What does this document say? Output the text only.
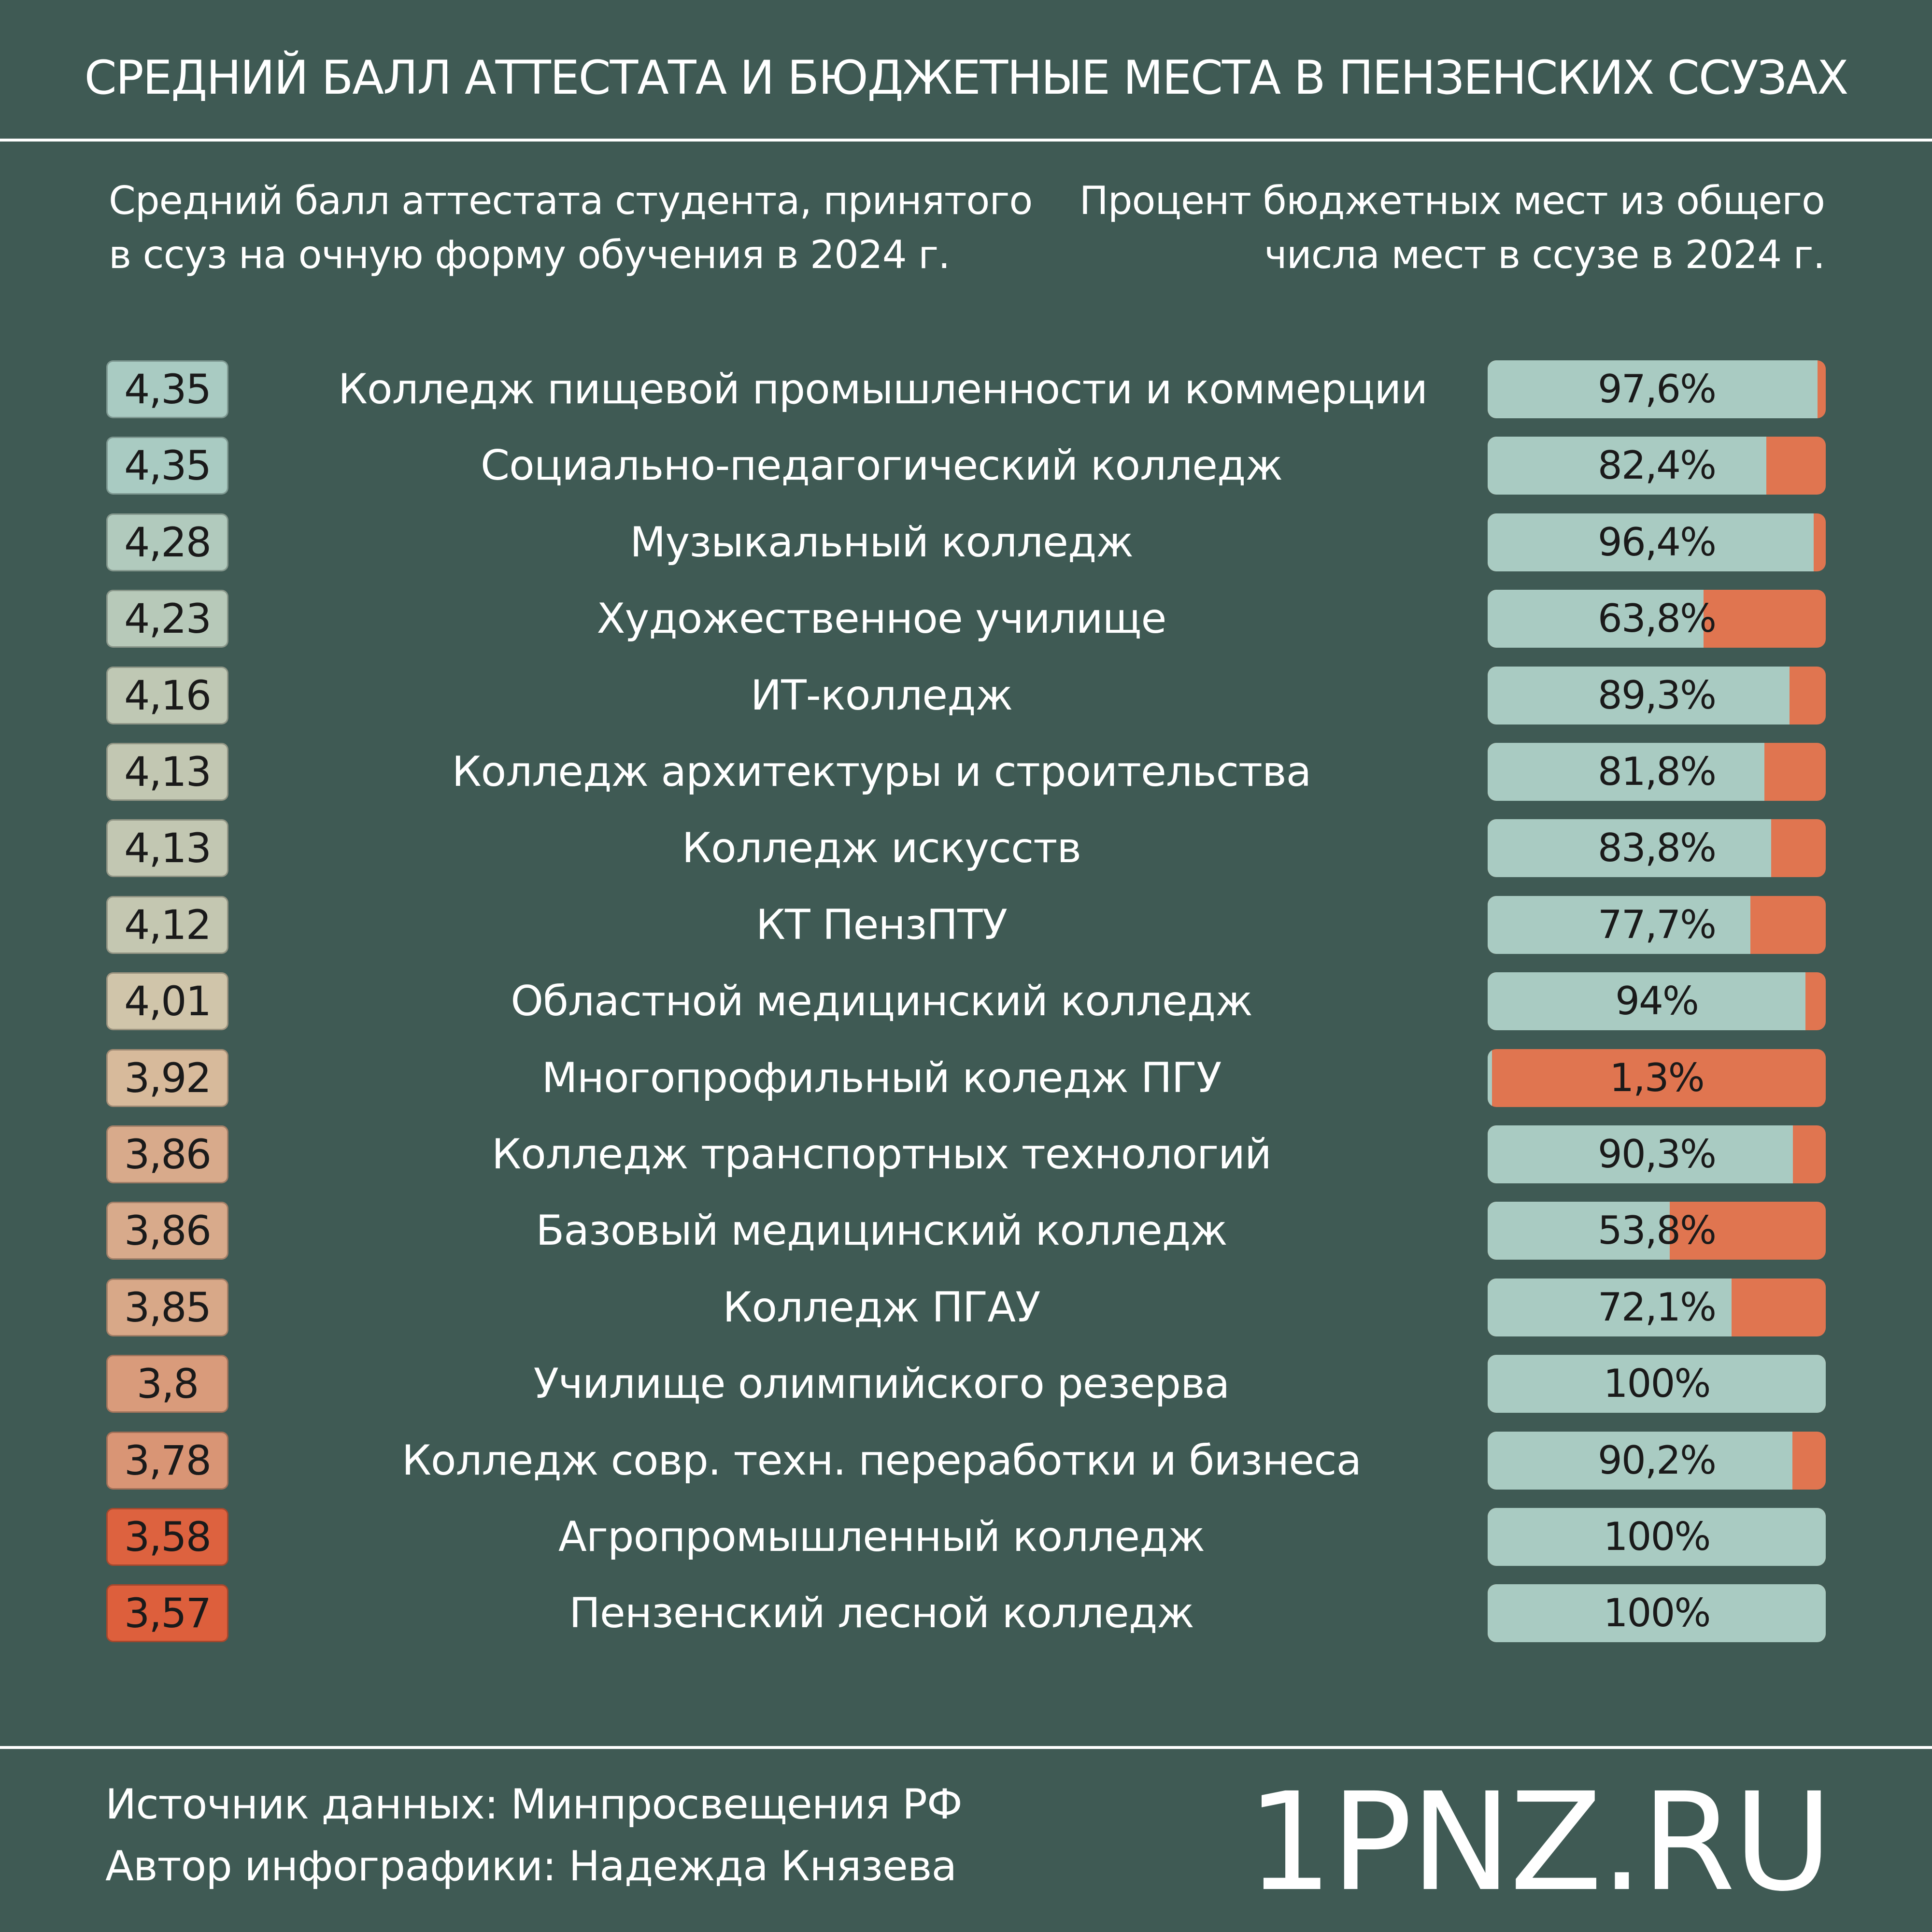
СРЕДНИЙ БАЛЛ АТТЕСТАТА И БЮДЖЕТНЫЕ МЕСТА В ПЕНЗЕНСКИХ ССУЗАХ
Средний балл аттестата студента, принятого
в ссуз на очную форму обучения в 2024 г.
Процент бюджетных мест из общего
числа мест в ссузе в 2024 г.
4,35	Колледж пищевой промышленности и коммерции	97,6%
4,35	Социально-педагогический колледж	82,4%
4,28	Музыкальный колледж	96,4%
4,23	Художественное училище	63,8%
4,16	ИТ-колледж	89,3%
4,13	Колледж архитектуры и строительства	81,8%
4,13	Колледж искусств	83,8%
4,12	КТ ПензПТУ	77,7%
4,01	Областной медицинский колледж	94%
3,92	Многопрофильный коледж ПГУ	1,3%
3,86	Колледж транспортных технологий	90,3%
3,86	Базовый медицинский колледж	53,8%
3,85	Колледж ПГАУ	72,1%
3,8	Училище олимпийского резерва	100%
3,78	Колледж совр. техн. переработки и бизнеса	90,2%
3,58	Агропромышленный колледж	100%
3,57	Пензенский лесной колледж	100%
Источник данных: Минпросвещения РФ
Автор инфографики: Надежда Князева 1PNZ.RU
